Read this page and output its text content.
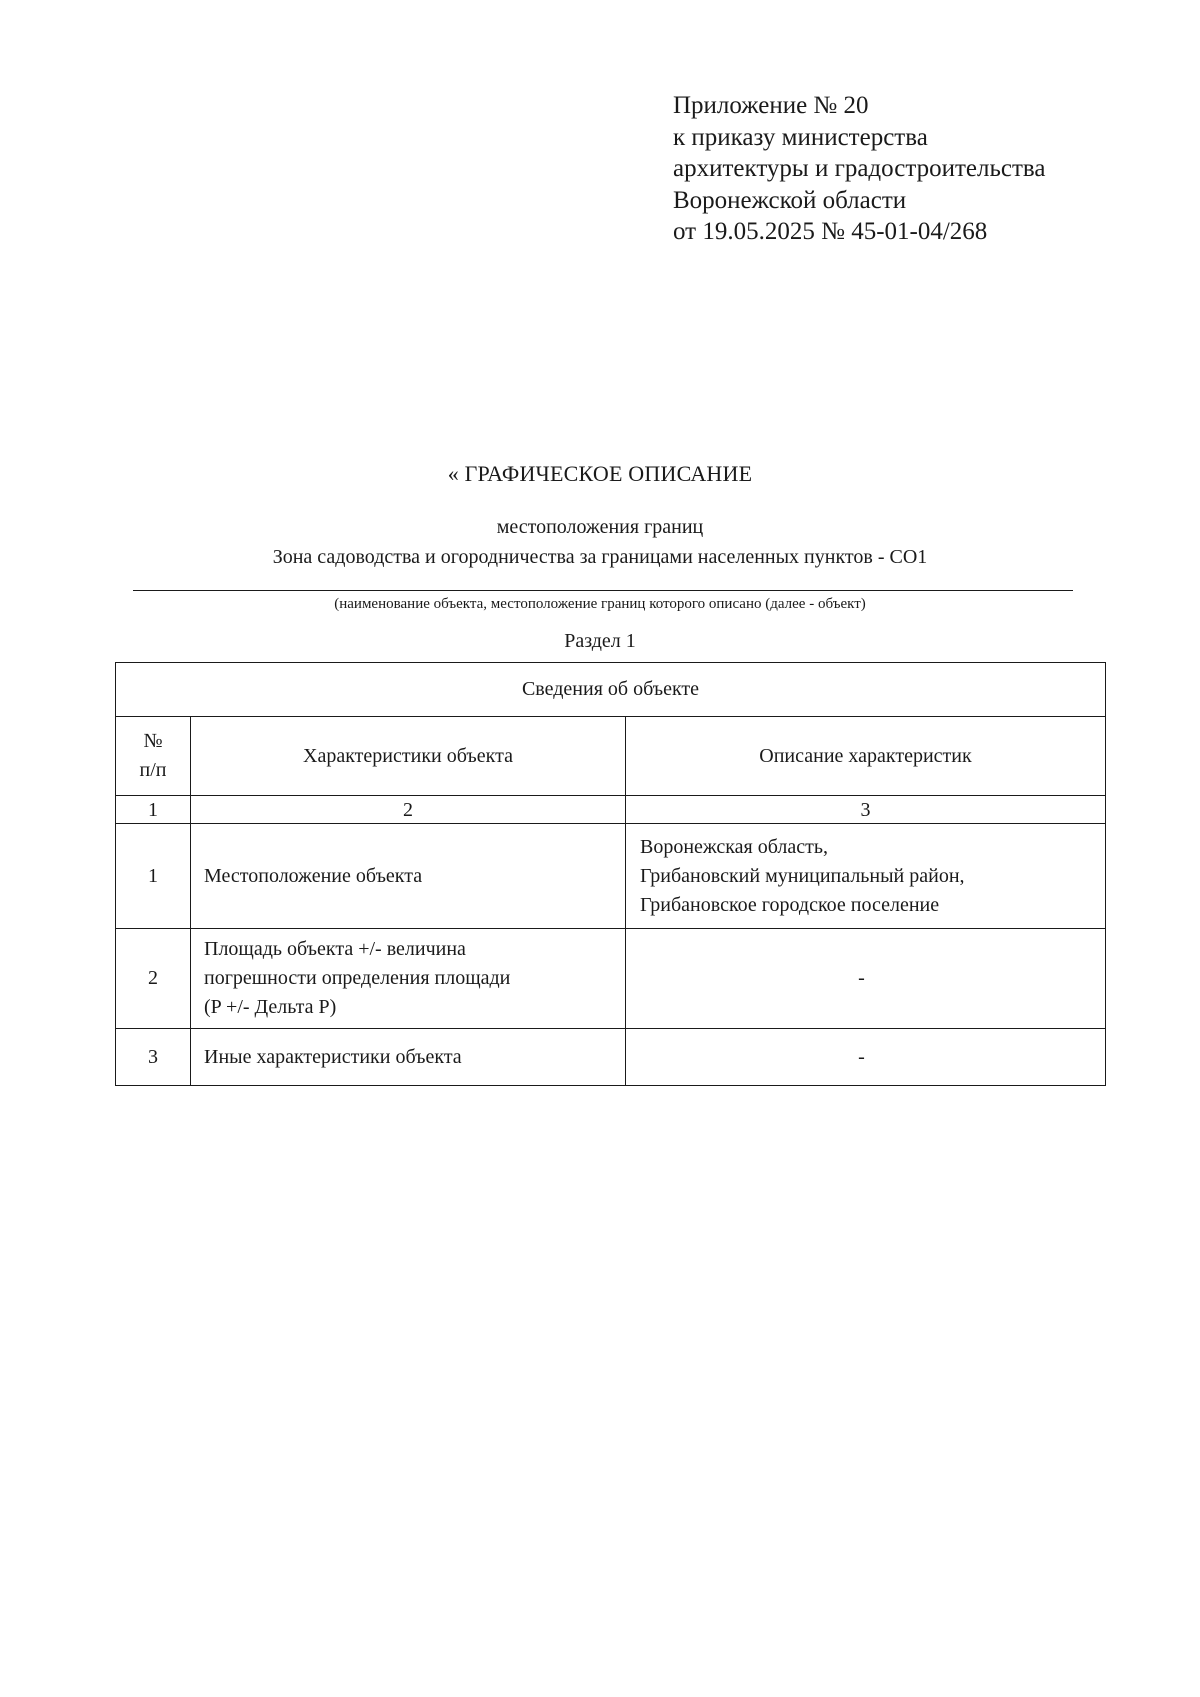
Приложение № 20
к приказу министерства
архитектуры и градостроительства
Воронежской области
от 19.05.2025 № 45-01-04/268
« ГРАФИЧЕСКОЕ ОПИСАНИЕ
местоположения границ
Зона садоводства и огородничества за границами населенных пунктов - СО1
(наименование объекта, местоположение границ которого описано (далее - объект)
Раздел 1
Сведения об объекте		

№
п/п	Характеристики объекта	Описание характеристик
1	2	3
1	Местоположение объекта	Воронежская область,
Грибановский муниципальный район,
Грибановское городское поселение

2	Площадь объекта +/- величина
погрешности определения площади
(P +/- Дельта P)	-
3	Иные характеристики объекта	-
